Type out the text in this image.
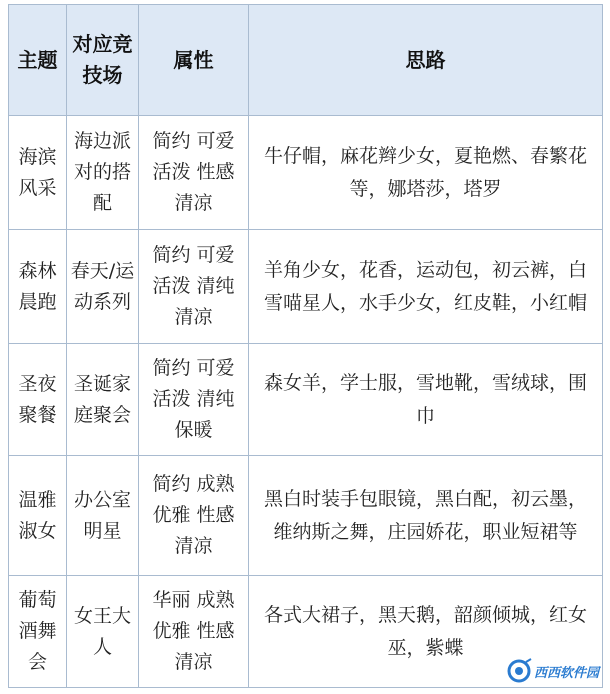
主题	对应竞技场	属性	思路
海滨风采	海边派对的搭配	简约 可爱 活泼 性感 清凉	牛仔帽，麻花辫少女，夏艳燃、春繁花等，娜塔莎，塔罗
森林晨跑	春天/运动系列	简约 可爱 活泼 清纯 清凉	羊角少女，花香，运动包，初云裤，白雪喵星人，水手少女，红皮鞋，小红帽
圣夜聚餐	圣诞家庭聚会	简约 可爱 活泼 清纯 保暖	森女羊，学士服，雪地靴，雪绒球，围巾
温雅淑女	办公室明星	简约 成熟 优雅 性感 清凉	黑白时装手包眼镜，黑白配，初云墨，维纳斯之舞，庄园娇花，职业短裙等
葡萄酒舞会	女王大人	华丽 成熟 优雅 性感 清凉	各式大裙子，黑天鹅，韶颜倾城，红女巫，紫蝶
西西软件园
